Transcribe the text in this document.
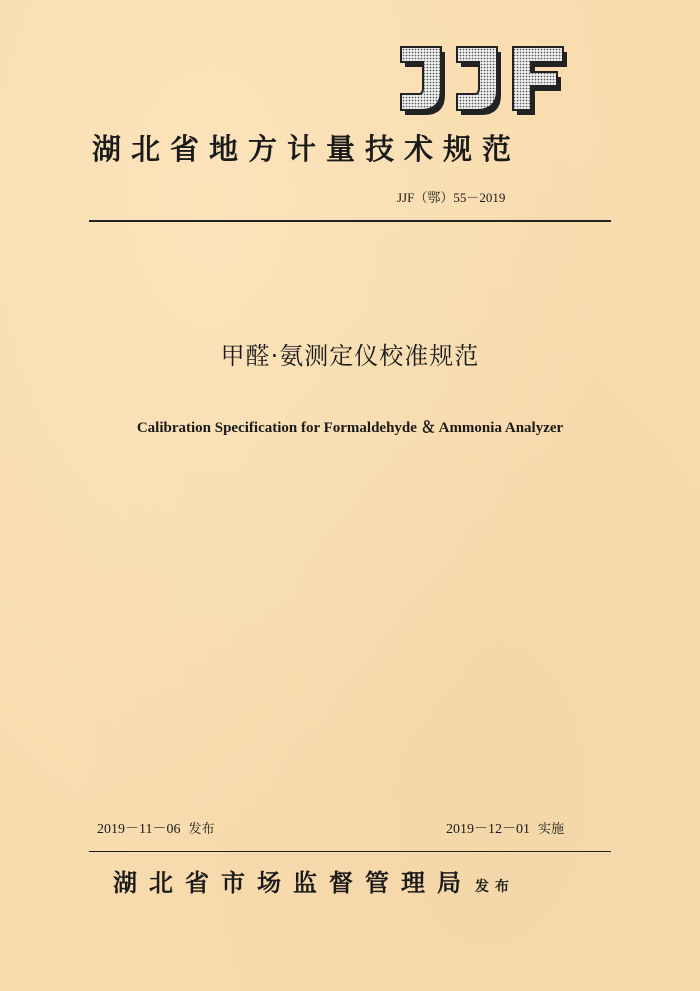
湖北省地方计量技术规范
JJF（鄂）55－2019
甲醛·氨测定仪校准规范
Calibration Specification for Formaldehyde ＆ Ammonia Analyzer
2019－11－06 发布	2019－12－01 实施
湖北省市场监督管理局 发布
